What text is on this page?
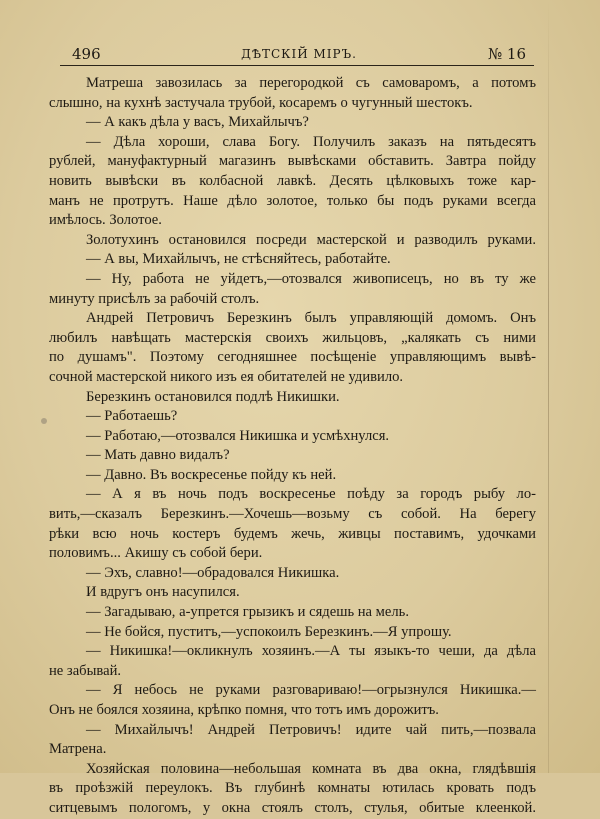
496	ДѢТСКІЙ МІРЪ.	№ 16
Матреша завозилась за перегородкой съ самоваромъ, а потомъ
слышно, на кухнѣ застучала трубой, косаремъ о чугунный шестокъ.
— А какъ дѣла у васъ, Михайлычъ?
— Дѣла хороши, слава Богу. Получилъ заказъ на пятьдесятъ
рублей, мануфактурный магазинъ вывѣсками обставить. Завтра пойду
новить вывѣски въ колбасной лавкѣ. Десять цѣлковыхъ тоже кар-
манъ не протрутъ. Наше дѣло золотое, только бы подъ руками всегда
имѣлось. Золотое.
Золотухинъ остановился посреди мастерской и разводилъ руками.
— А вы, Михайлычъ, не стѣсняйтесь, работайте.
— Ну, работа не уйдетъ,—отозвался живописецъ, но въ ту же
минуту присѣлъ за рабочій столъ.
Андрей Петровичъ Березкинъ былъ управляющій домомъ. Онъ
любилъ навѣщать мастерскія своихъ жильцовъ, „калякать съ ними
по душамъ". Поэтому сегодняшнее посѣщеніе управляющимъ вывѣ-
сочной мастерской никого изъ ея обитателей не удивило.
Березкинъ остановился подлѣ Никишки.
— Работаешь?
— Работаю,—отозвался Никишка и усмѣхнулся.
— Мать давно видалъ?
— Давно. Въ воскресенье пойду къ ней.
— А я въ ночь подъ воскресенье поѣду за городъ рыбу ло-
вить,—сказалъ Березкинъ.—Хочешь—возьму съ собой. На берегу
рѣки всю ночь костеръ будемъ жечь, живцы поставимъ, удочками
половимъ... Акишу съ собой бери.
— Эхъ, славно!—обрадовался Никишка.
И вдругъ онъ насупился.
— Загадываю, а-упрется грызикъ и сядешь на мель.
— Не бойся, пуститъ,—успокоилъ Березкинъ.—Я упрошу.
— Никишка!—окликнулъ хозяинъ.—А ты языкъ-то чеши, да дѣла
не забывай.
— Я небось не руками разговариваю!—огрызнулся Никишка.—
Онъ не боялся хозяина, крѣпко помня, что тотъ имъ дорожитъ.
— Михайлычъ! Андрей Петровичъ! идите чай пить,—позвала
Матрена.
Хозяйская половина—небольшая комната въ два окна, глядѣвшія
въ проѣзжій переулокъ. Въ глубинѣ комнаты ютилась кровать подъ
ситцевымъ пологомъ, у окна стоялъ столъ, стулья, обитые клеенкой.
